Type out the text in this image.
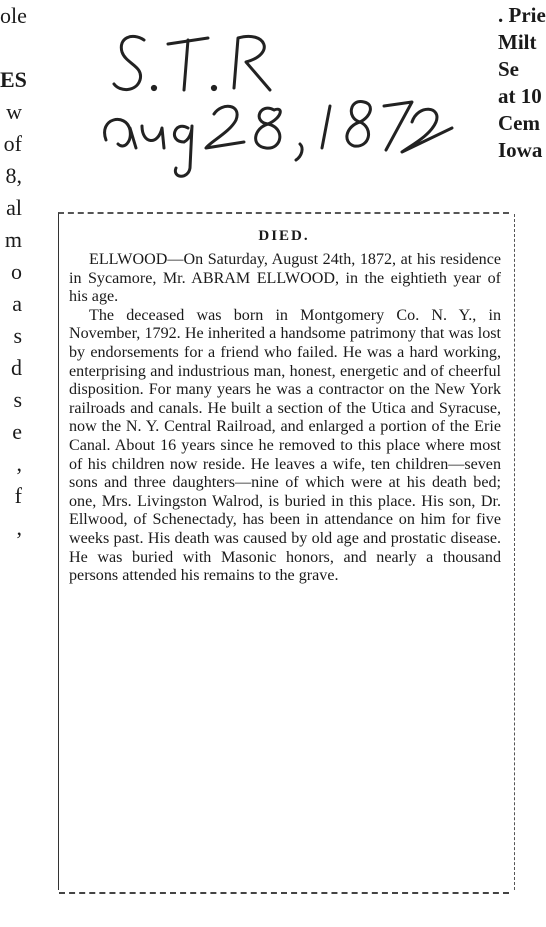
ole
ES
w
of
8,
al
m
o
a
s
d
s
e
,
f
,
. Prie
Milt
Se
at 10
Cem
Iowa
DIED.

ELLWOOD—On Saturday, August 24th, 1872, at his residence in Sycamore, Mr. ABRAM ELLWOOD, in the eightieth year of his age.

The deceased was born in Montgomery Co. N. Y., in November, 1792. He inherited a handsome patrimony that was lost by endorsements for a friend who failed. He was a hard working, enterprising and industrious man, honest, energetic and of cheerful disposition. For many years he was a contractor on the New York railroads and canals. He built a section of the Utica and Syracuse, now the N. Y. Central Railroad, and enlarged a portion of the Erie Canal. About 16 years since he removed to this place where most of his children now reside. He leaves a wife, ten children—seven sons and three daughters—nine of which were at his death bed; one, Mrs. Livingston Walrod, is buried in this place. His son, Dr. Ellwood, of Schenectady, has been in attendance on him for five weeks past. His death was caused by old age and prostatic disease. He was buried with Masonic honors, and nearly a thousand persons attended his remains to the grave.
